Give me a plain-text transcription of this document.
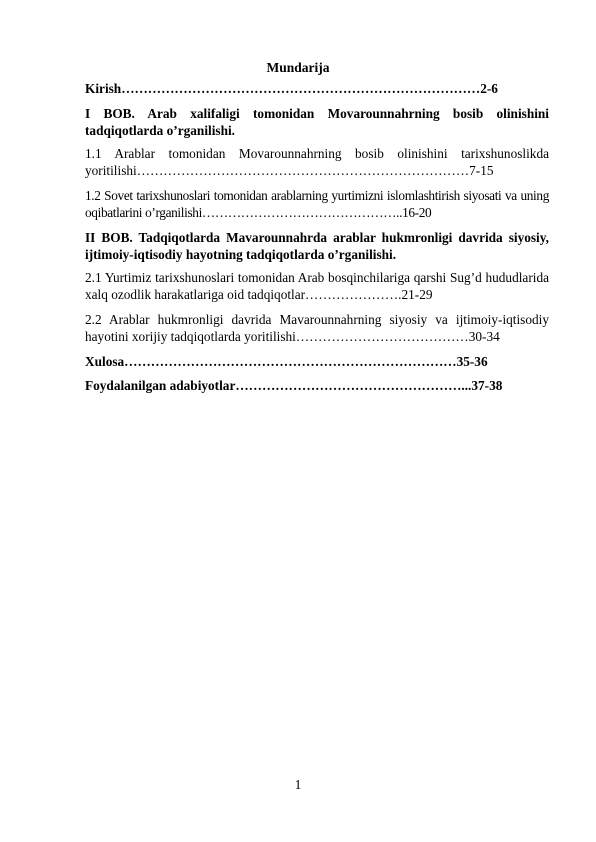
Mundarija

Kirish………………………………………………………………………2-6

I BOB. Arab xalifaligi tomonidan Movarounnahrning bosib olinishini tadqiqotlarda o’rganilishi.

1.1 Arablar tomonidan Movarounnahrning bosib olinishini tarixshunoslikda yoritilishi…………………………………………………………………7-15

1.2 Sovet tarixshunoslari tomonidan arablarning yurtimizni islomlashtirish siyosati va uning oqibatlarini o’rganilishi………………………………………..16-20

II BOB. Tadqiqotlarda Mavarounnahrda arablar hukmronligi davrida siyosiy, ijtimoiy-iqtisodiy hayotning tadqiqotlarda o’rganilishi.

2.1 Yurtimiz tarixshunoslari tomonidan Arab bosqinchilariga qarshi Sug’d hududlarida xalq ozodlik harakatlariga oid tadqiqotlar………………….21-29

2.2 Arablar hukmronligi davrida Mavarounnahrning siyosiy va ijtimoiy-iqtisodiy hayotini xorijiy tadqiqotlarda yoritilishi…………………………………30-34

Xulosa…………………………………………………………………35-36

Foydalanilgan adabiyotlar……………………………………………...37-38

1
